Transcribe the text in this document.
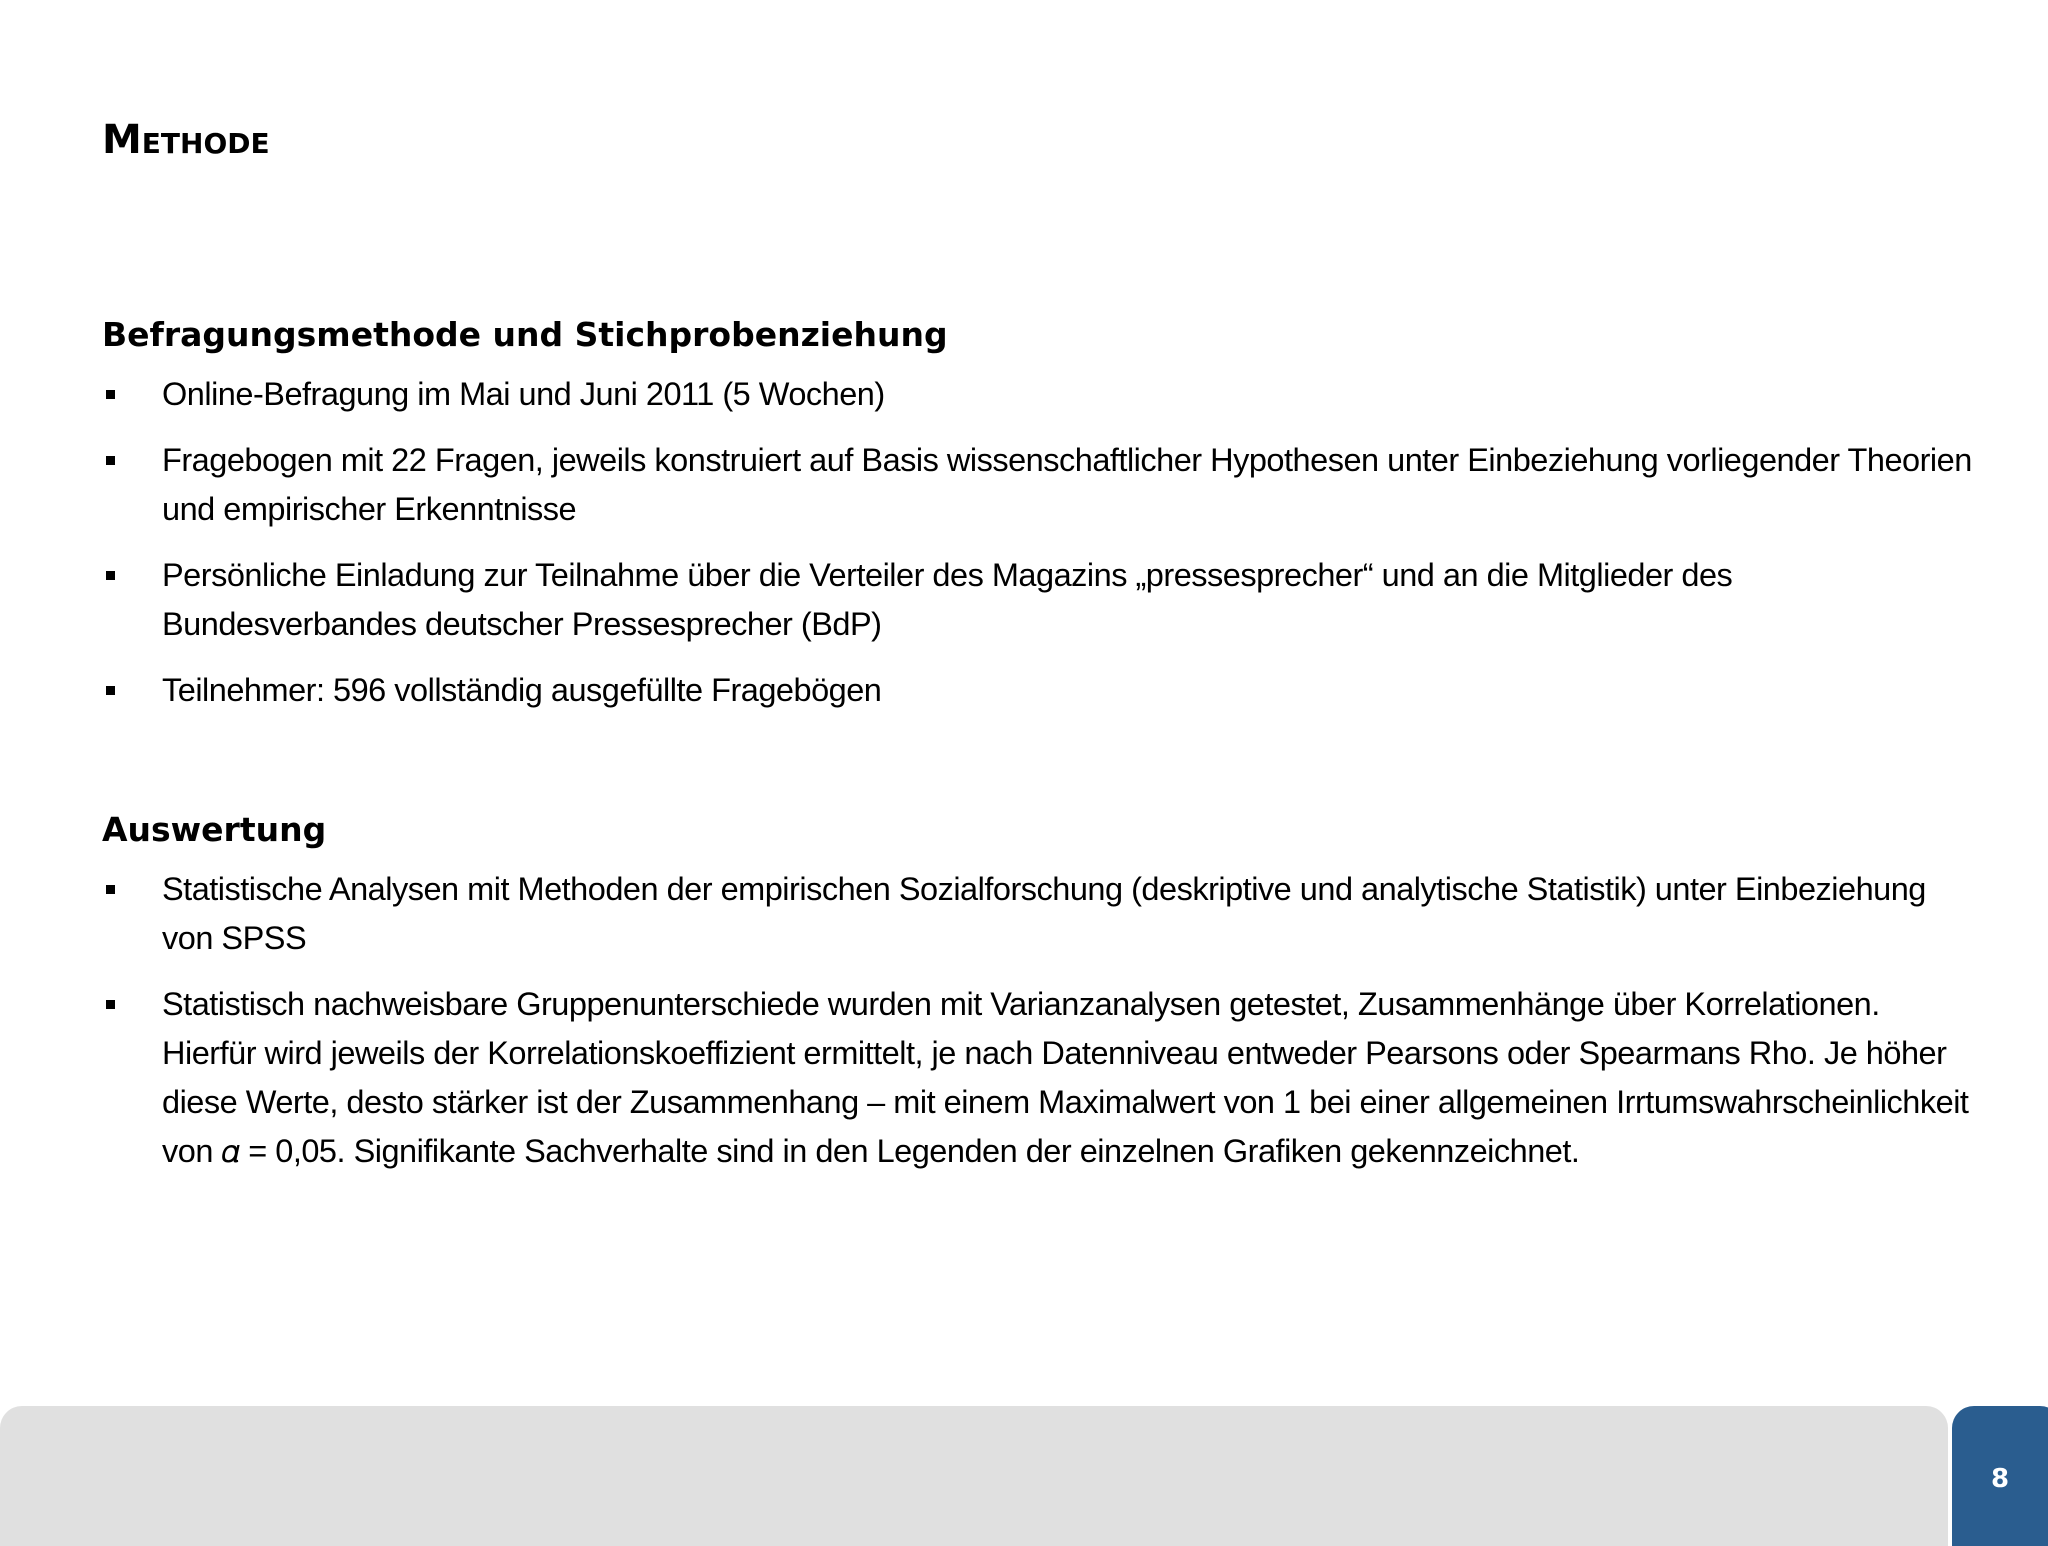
Methode
Befragungsmethode und Stichprobenziehung
Online-Befragung im Mai und Juni 2011 (5 Wochen)
Fragebogen mit 22 Fragen, jeweils konstruiert auf Basis wissenschaftlicher Hypothesen unter Einbeziehung vorliegender Theorien und empirischer Erkenntnisse
Persönliche Einladung zur Teilnahme über die Verteiler des Magazins „pressesprecher“ und an die Mitglieder des Bundesverbandes deutscher Pressesprecher (BdP)
Teilnehmer: 596 vollständig ausgefüllte Fragebögen
Auswertung
Statistische Analysen mit Methoden der empirischen Sozialforschung (deskriptive und analytische Statistik) unter Einbeziehung von SPSS
Statistisch nachweisbare Gruppenunterschiede wurden mit Varianzanalysen getestet, Zusammenhänge über Korrelationen. Hierfür wird jeweils der Korrelationskoeffizient ermittelt, je nach Datenniveau entweder Pearsons oder Spearmans Rho. Je höher diese Werte, desto stärker ist der Zusammenhang – mit einem Maximalwert von 1 bei einer allgemeinen Irrtumswahrscheinlichkeit von 𝛼 = 0,05. Signifikante Sachverhalte sind in den Legenden der einzelnen Grafiken gekennzeichnet.
8
